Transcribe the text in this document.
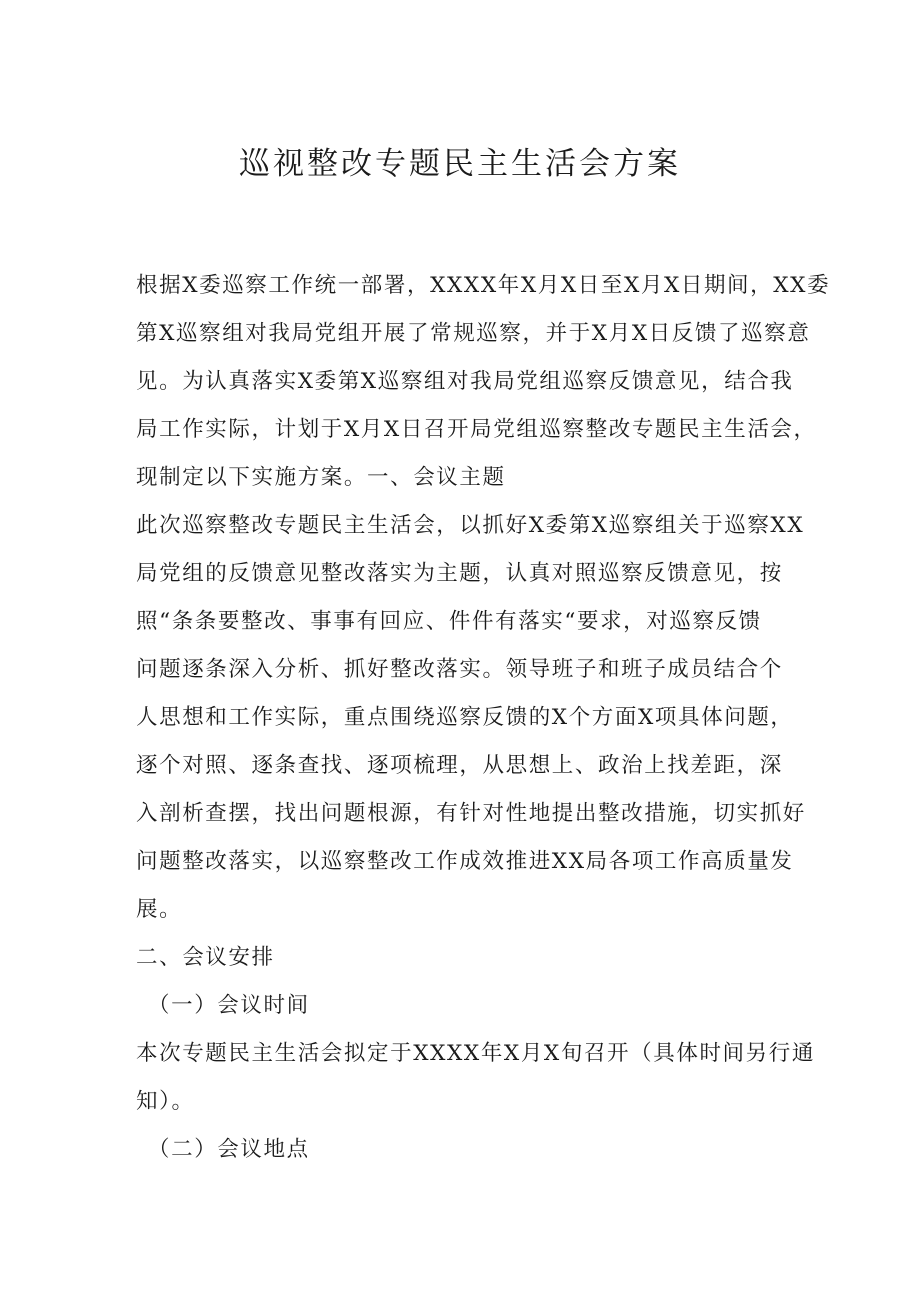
巡视整改专题民主生活会方案
根据X委巡察工作统一部署，XXXX年X月X日至X月X日期间，XX委
第X巡察组对我局党组开展了常规巡察，并于X月X日反馈了巡察意
见。为认真落实X委第X巡察组对我局党组巡察反馈意见，结合我
局工作实际，计划于X月X日召开局党组巡察整改专题民主生活会，
现制定以下实施方案。一、会议主题
此次巡察整改专题民主生活会，以抓好X委第X巡察组关于巡察XX
局党组的反馈意见整改落实为主题，认真对照巡察反馈意见，按
照“条条要整改、事事有回应、件件有落实“要求，对巡察反馈
问题逐条深入分析、抓好整改落实。领导班子和班子成员结合个
人思想和工作实际，重点围绕巡察反馈的X个方面X项具体问题，
逐个对照、逐条查找、逐项梳理，从思想上、政治上找差距，深
入剖析查摆，找出问题根源，有针对性地提出整改措施，切实抓好
问题整改落实，以巡察整改工作成效推进XX局各项工作高质量发
展。
二、会议安排
（一）会议时间
本次专题民主生活会拟定于XXXX年X月X旬召开（具体时间另行通
知）。
（二）会议地点
